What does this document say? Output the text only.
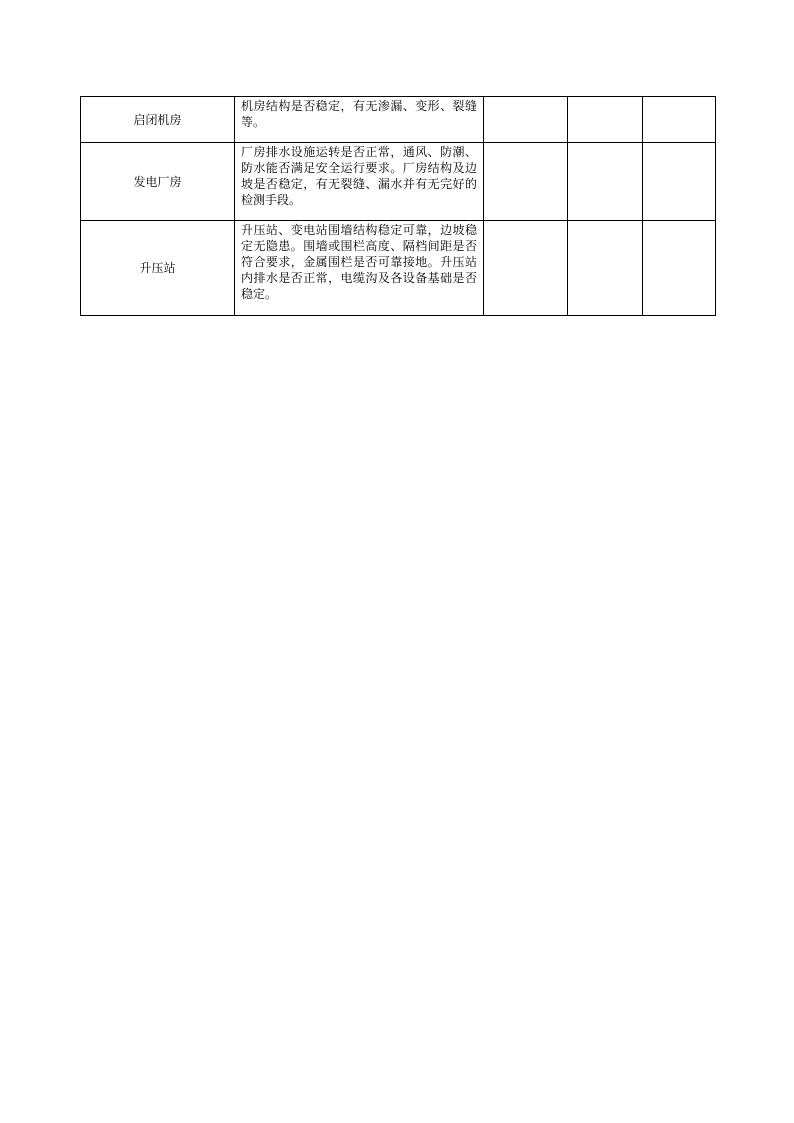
启闭机房	机房结构是否稳定，有无渗漏、变形、裂缝等。			
发电厂房	厂房排水设施运转是否正常，通风、防潮、防水能否满足安全运行要求。厂房结构及边坡是否稳定，有无裂缝、漏水并有无完好的检测手段。			
升压站	升压站、变电站围墙结构稳定可靠，边坡稳定无隐患。围墙或围栏高度、隔档间距是否符合要求，金属围栏是否可靠接地。升压站内排水是否正常，电缆沟及各设备基础是否稳定。			
